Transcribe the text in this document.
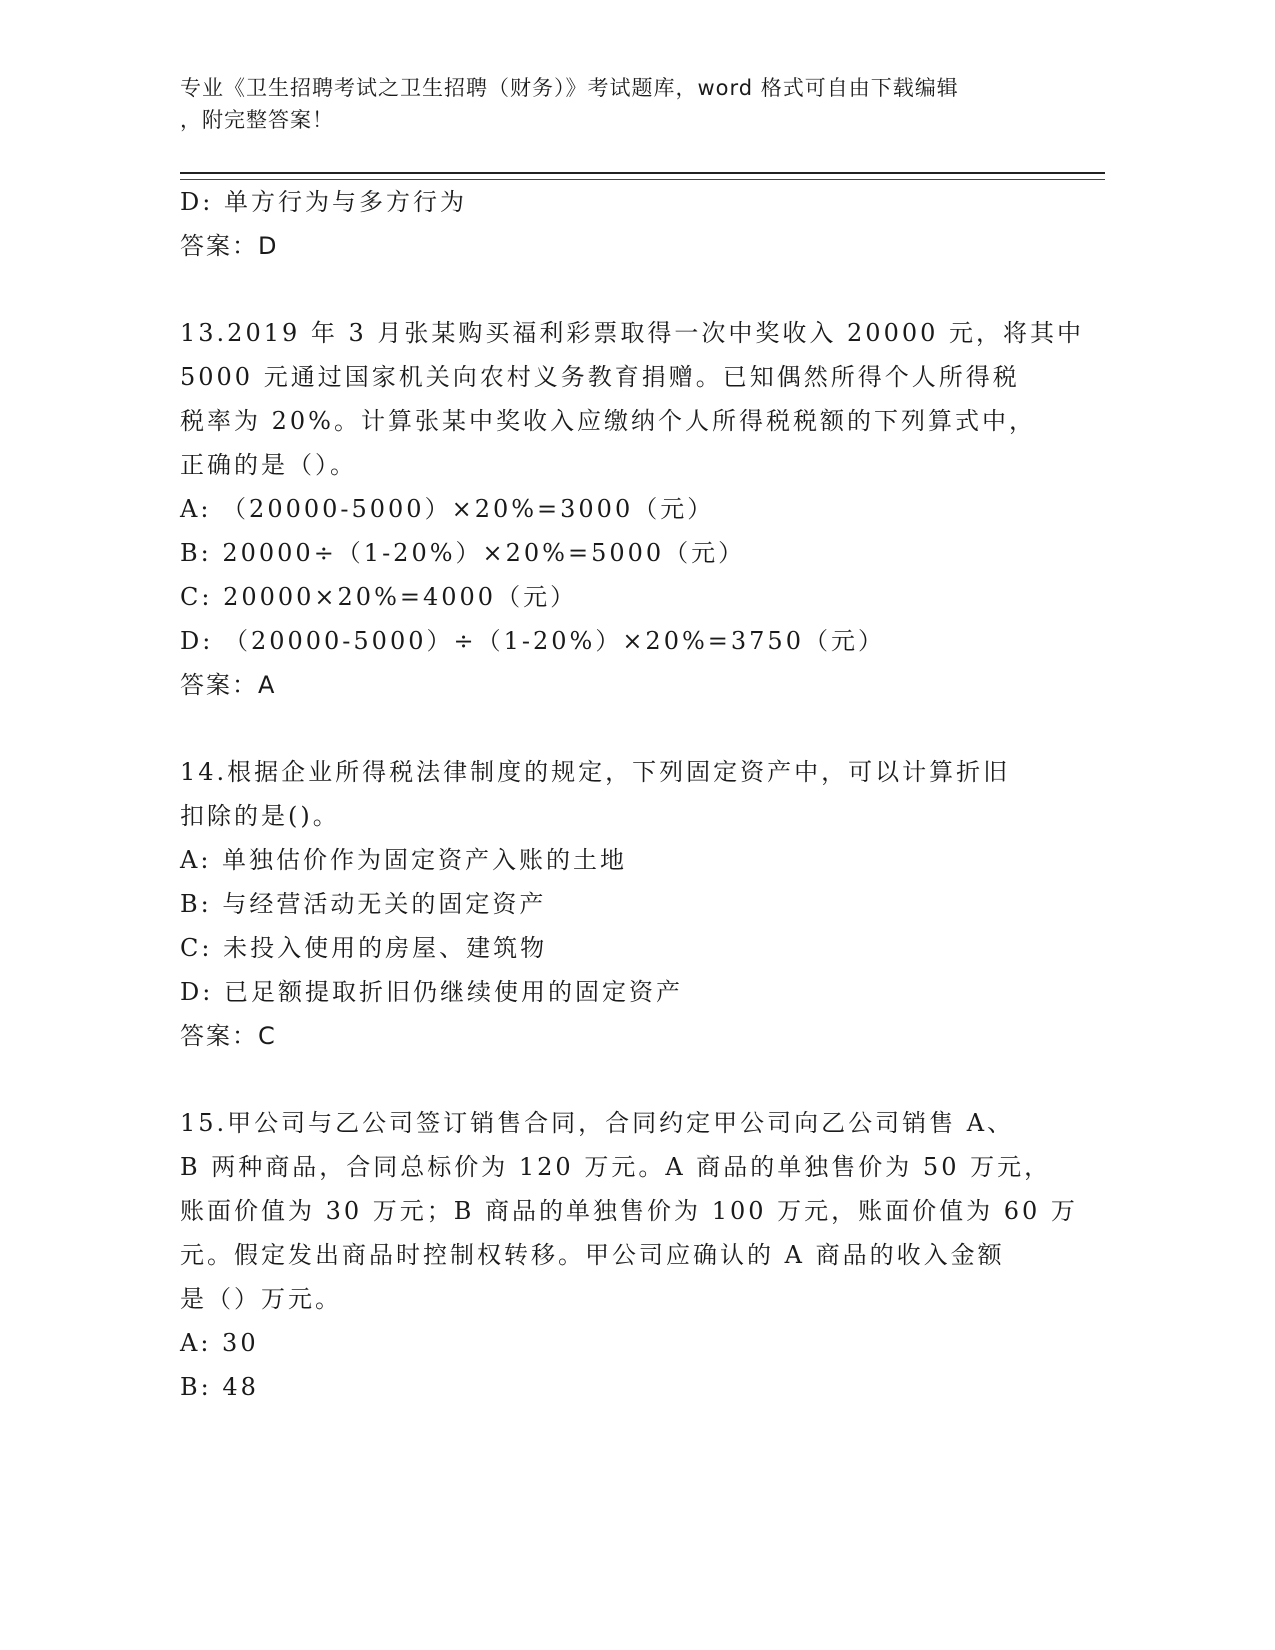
专业《卫生招聘考试之卫生招聘（财务）》考试题库，word 格式可自由下载编辑
，附完整答案！
D: 单方行为与多方行为
答案：D
13.2019 年 3 月张某购买福利彩票取得一次中奖收入 20000 元，将其中
5000 元通过国家机关向农村义务教育捐赠。已知偶然所得个人所得税
税率为 20%。计算张某中奖收入应缴纳个人所得税税额的下列算式中，
正确的是（）。
A: （20000-5000）×20%=3000（元）
B: 20000÷（1-20%）×20%=5000（元）
C: 20000×20%=4000（元）
D: （20000-5000）÷（1-20%）×20%=3750（元）
答案：A
14.根据企业所得税法律制度的规定，下列固定资产中，可以计算折旧
扣除的是()。
A: 单独估价作为固定资产入账的土地
B: 与经营活动无关的固定资产
C: 未投入使用的房屋、建筑物
D: 已足额提取折旧仍继续使用的固定资产
答案：C
15.甲公司与乙公司签订销售合同，合同约定甲公司向乙公司销售 A、
B 两种商品，合同总标价为 120 万元。A 商品的单独售价为 50 万元，
账面价值为 30 万元；B 商品的单独售价为 100 万元，账面价值为 60 万
元。假定发出商品时控制权转移。甲公司应确认的 A 商品的收入金额
是（）万元。
A: 30
B: 48
